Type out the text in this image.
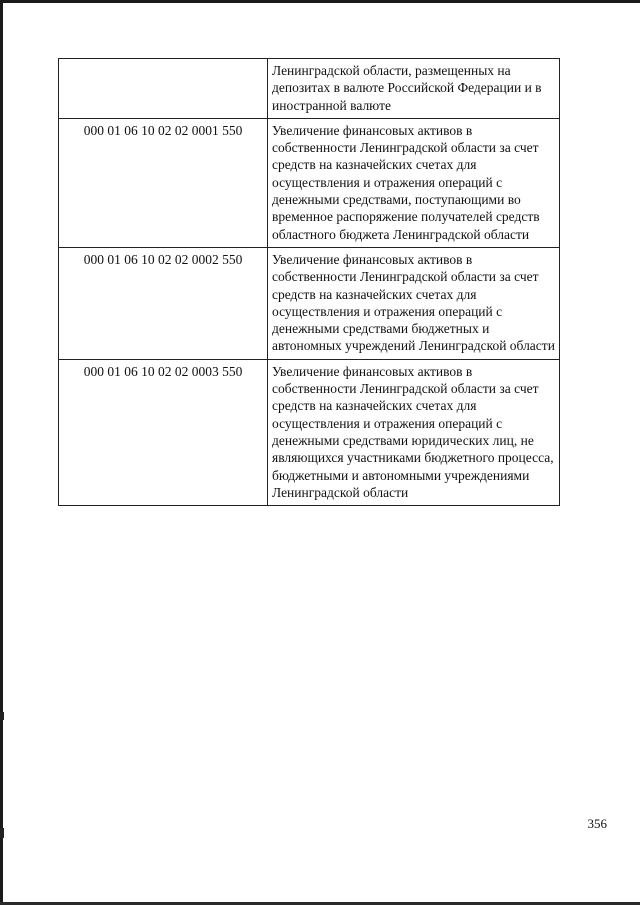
	Ленинградской области, размещенных на депозитах в валюте Российской Федерации и в иностранной валюте
000 01 06 10 02 02 0001 550	Увеличение финансовых активов в собственности Ленинградской области за счет средств на казначейских счетах для осуществления и отражения операций с денежными средствами, поступающими во временное распоряжение получателей средств областного бюджета Ленинградской области
000 01 06 10 02 02 0002 550	Увеличение финансовых активов в собственности Ленинградской области за счет средств на казначейских счетах для осуществления и отражения операций с денежными средствами бюджетных и автономных учреждений Ленинградской области
000 01 06 10 02 02 0003 550	Увеличение финансовых активов в собственности Ленинградской области за счет средств на казначейских счетах для осуществления и отражения операций с денежными средствами юридических лиц, не являющихся участниками бюджетного процесса, бюджетными и автономными учреждениями Ленинградской области
356
